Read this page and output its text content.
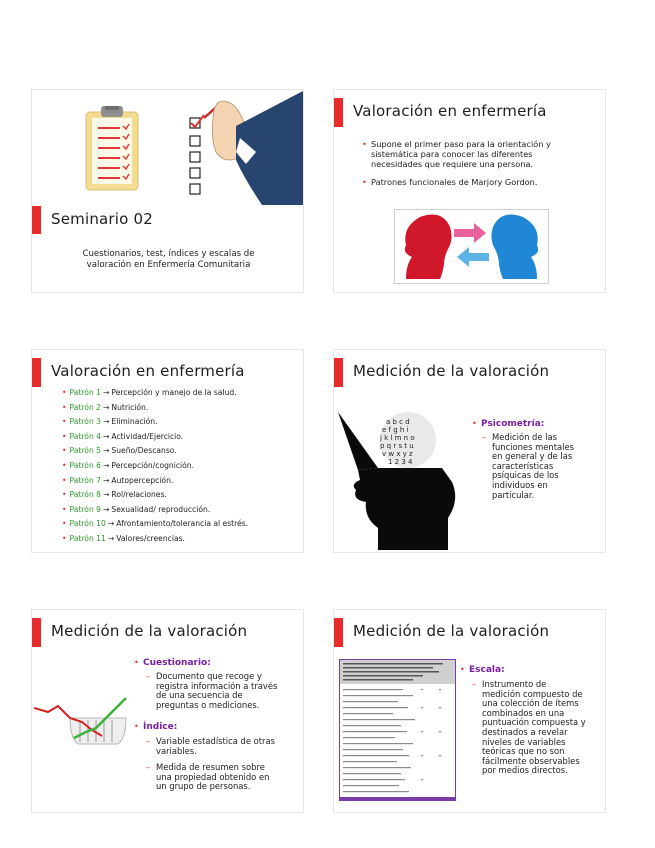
Seminario 02
Cuestionarios, test, índices y escalas de
valoración en Enfermería Comunitaria
Valoración en enfermería
• Supone el primer paso para la orientación y
sistemática para conocer las diferentes
necesidades que requiere una persona.
• Patrones funcionales de Marjory Gordon.
Valoración en enfermería
• Patrón 1 → Percepción y manejo de la salud.
• Patrón 2 → Nutrición.
• Patrón 3 → Eliminación.
• Patrón 4 → Actividad/Ejercicio.
• Patrón 5 → Sueño/Descanso.
• Patrón 6 → Percepción/cognición.
• Patrón 7 → Autopercepción.
• Patrón 8 → Rol/relaciones.
• Patrón 9 → Sexualidad/ reproducción.
• Patrón 10 → Afrontamiento/tolerancia al estrés.
• Patrón 11 → Valores/creencias.
Medición de la valoración
a b c d
e f g h i
j k l m n o
p q r s t u
v w x y z
1 2 3 4
• Psicometría:
– Medición de las
funciones mentales
en general y de las
características
psíquicas de los
individuos en
particular.
Medición de la valoración
• Cuestionario:
– Documento que recoge y
registra información a través
de una secuencia de
preguntas o mediciones.
• Índice:
– Variable estadística de otras
variables.
– Medida de resumen sobre
una propiedad obtenido en
un grupo de personas.
Medición de la valoración
• Escala:
– Instrumento de
medición compuesto de
una colección de ítems
combinados en una
puntuación compuesta y
destinados a revelar
niveles de variables
teóricas que no son
fácilmente observables
por medios directos.
